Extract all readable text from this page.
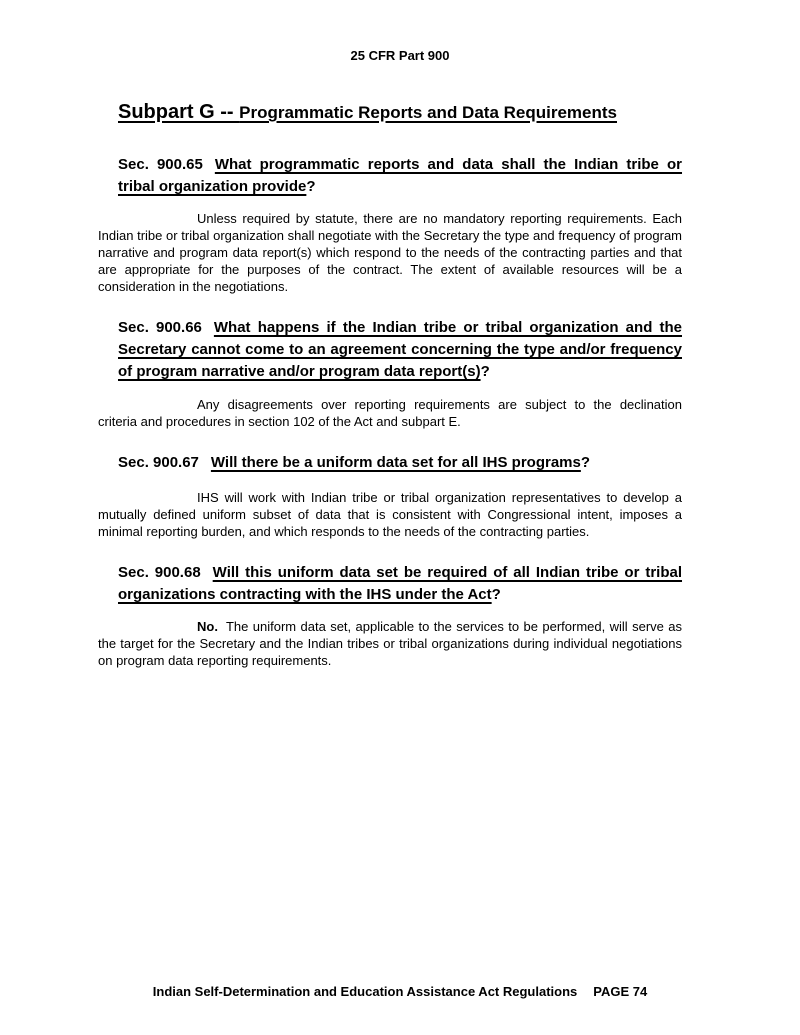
25 CFR Part 900
Subpart G -- Programmatic Reports and Data Requirements
Sec. 900.65 What programmatic reports and data shall the Indian tribe or tribal organization provide?

Unless required by statute, there are no mandatory reporting requirements. Each Indian tribe or tribal organization shall negotiate with the Secretary the type and frequency of program narrative and program data report(s) which respond to the needs of the contracting parties and that are appropriate for the purposes of the contract. The extent of available resources will be a consideration in the negotiations.

Sec. 900.66 What happens if the Indian tribe or tribal organization and the Secretary cannot come to an agreement concerning the type and/or frequency of program narrative and/or program data report(s)?

Any disagreements over reporting requirements are subject to the declination criteria and procedures in section 102 of the Act and subpart E.

Sec. 900.67 Will there be a uniform data set for all IHS programs?

IHS will work with Indian tribe or tribal organization representatives to develop a mutually defined uniform subset of data that is consistent with Congressional intent, imposes a minimal reporting burden, and which responds to the needs of the contracting parties.

Sec. 900.68 Will this uniform data set be required of all Indian tribe or tribal organizations contracting with the IHS under the Act?

No. The uniform data set, applicable to the services to be performed, will serve as the target for the Secretary and the Indian tribes or tribal organizations during individual negotiations on program data reporting requirements.

Indian Self-Determination and Education Assistance Act Regulations PAGE 74
